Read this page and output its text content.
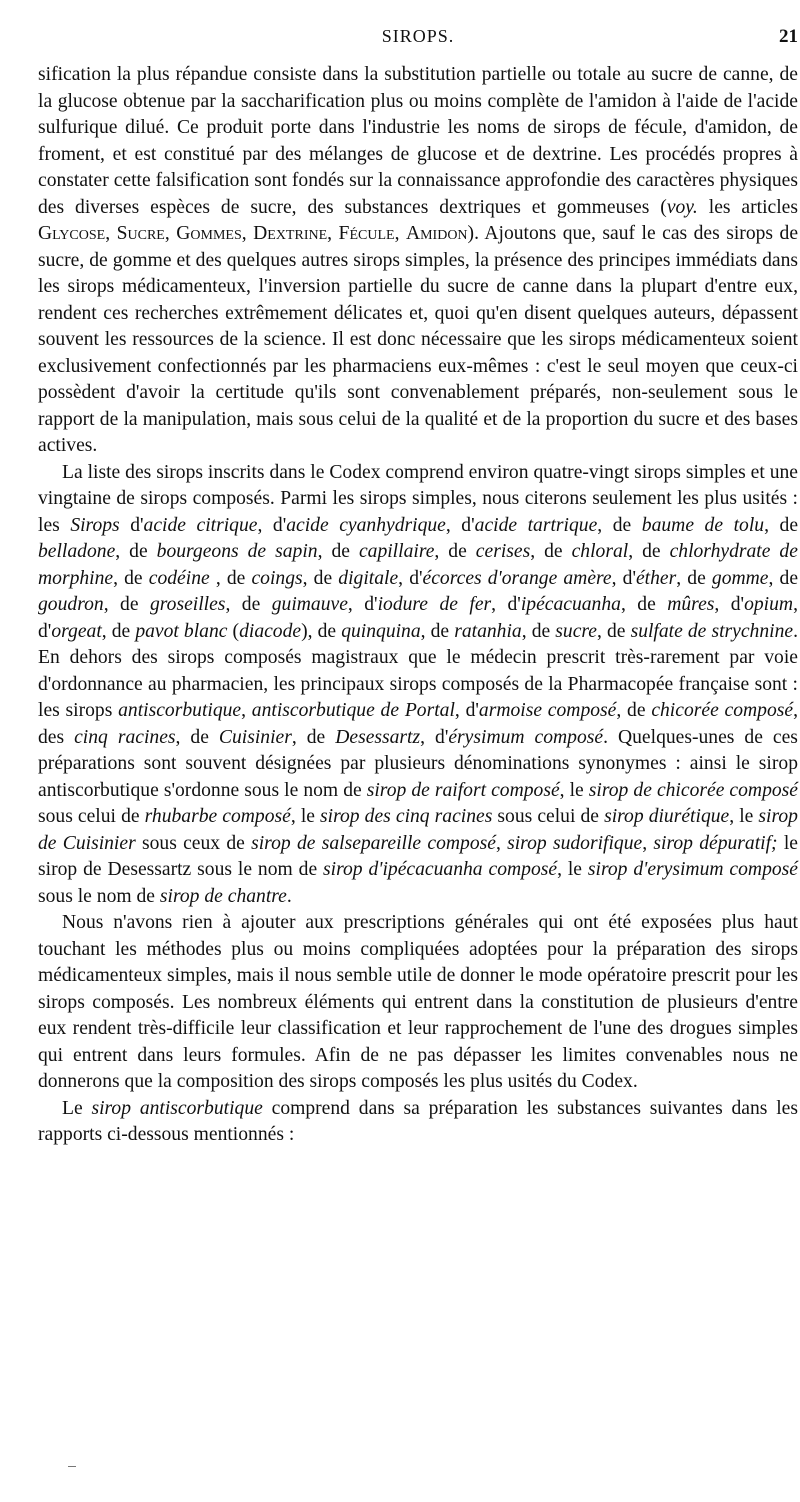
SIROPS.	21

sification la plus répandue consiste dans la substitution partielle ou totale au sucre de canne, de la glucose obtenue par la saccharification plus ou moins complète de l'amidon à l'aide de l'acide sulfurique dilué. Ce produit porte dans l'industrie les noms de sirops de fécule, d'amidon, de froment, et est constitué par des mélanges de glucose et de dextrine. Les procédés propres à constater cette falsification sont fondés sur la connaissance approfondie des caractères physiques des diverses espèces de sucre, des substances dextriques et gommeuses (voy. les articles Glycose, Sucre, Gommes, Dextrine, Fécule, Amidon). Ajoutons que, sauf le cas des sirops de sucre, de gomme et des quelques autres sirops simples, la présence des principes immédiats dans les sirops médicamenteux, l'inversion partielle du sucre de canne dans la plupart d'entre eux, rendent ces recherches extrêmement délicates et, quoi qu'en disent quelques auteurs, dépassent souvent les ressources de la science. Il est donc nécessaire que les sirops médicamenteux soient exclusivement confectionnés par les pharmaciens eux-mêmes : c'est le seul moyen que ceux-ci possèdent d'avoir la certitude qu'ils sont convenablement préparés, non-seulement sous le rapport de la manipulation, mais sous celui de la qualité et de la proportion du sucre et des bases actives.

La liste des sirops inscrits dans le Codex comprend environ quatre-vingt sirops simples et une vingtaine de sirops composés. Parmi les sirops simples, nous citerons seulement les plus usités : les Sirops d'acide citrique, d'acide cyanhydrique, d'acide tartrique, de baume de tolu, de belladone, de bourgeons de sapin, de capillaire, de cerises, de chloral, de chlorhydrate de morphine, de codéine , de coings, de digitale, d'écorces d'orange amère, d'éther, de gomme, de goudron, de groseilles, de guimauve, d'iodure de fer, d'ipécacuanha, de mûres, d'opium, d'orgeat, de pavot blanc (diacode), de quinquina, de ratanhia, de sucre, de sulfate de strychnine. En dehors des sirops composés magistraux que le médecin prescrit très-rarement par voie d'ordonnance au pharmacien, les principaux sirops composés de la Pharmacopée française sont : les sirops antiscorbutique, antiscorbutique de Portal, d'armoise composé, de chicorée composé, des cinq racines, de Cuisinier, de Desessartz, d'érysimum composé. Quelques-unes de ces préparations sont souvent désignées par plusieurs dénominations synonymes : ainsi le sirop antiscorbutique s'ordonne sous le nom de sirop de raifort composé, le sirop de chicorée composé sous celui de rhubarbe composé, le sirop des cinq racines sous celui de sirop diurétique, le sirop de Cuisinier sous ceux de sirop de salsepareille composé, sirop sudorifique, sirop dépuratif; le sirop de Desessartz sous le nom de sirop d'ipécacuanha composé, le sirop d'erysimum composé sous le nom de sirop de chantre.

Nous n'avons rien à ajouter aux prescriptions générales qui ont été exposées plus haut touchant les méthodes plus ou moins compliquées adoptées pour la préparation des sirops médicamenteux simples, mais il nous semble utile de donner le mode opératoire prescrit pour les sirops composés. Les nombreux éléments qui entrent dans la constitution de plusieurs d'entre eux rendent très-difficile leur classification et leur rapprochement de l'une des drogues simples qui entrent dans leurs formules. Afin de ne pas dépasser les limites convenables nous ne donnerons que la composition des sirops composés les plus usités du Codex.

Le sirop antiscorbutique comprend dans sa préparation les substances suivantes dans les rapports ci-dessous mentionnés :
